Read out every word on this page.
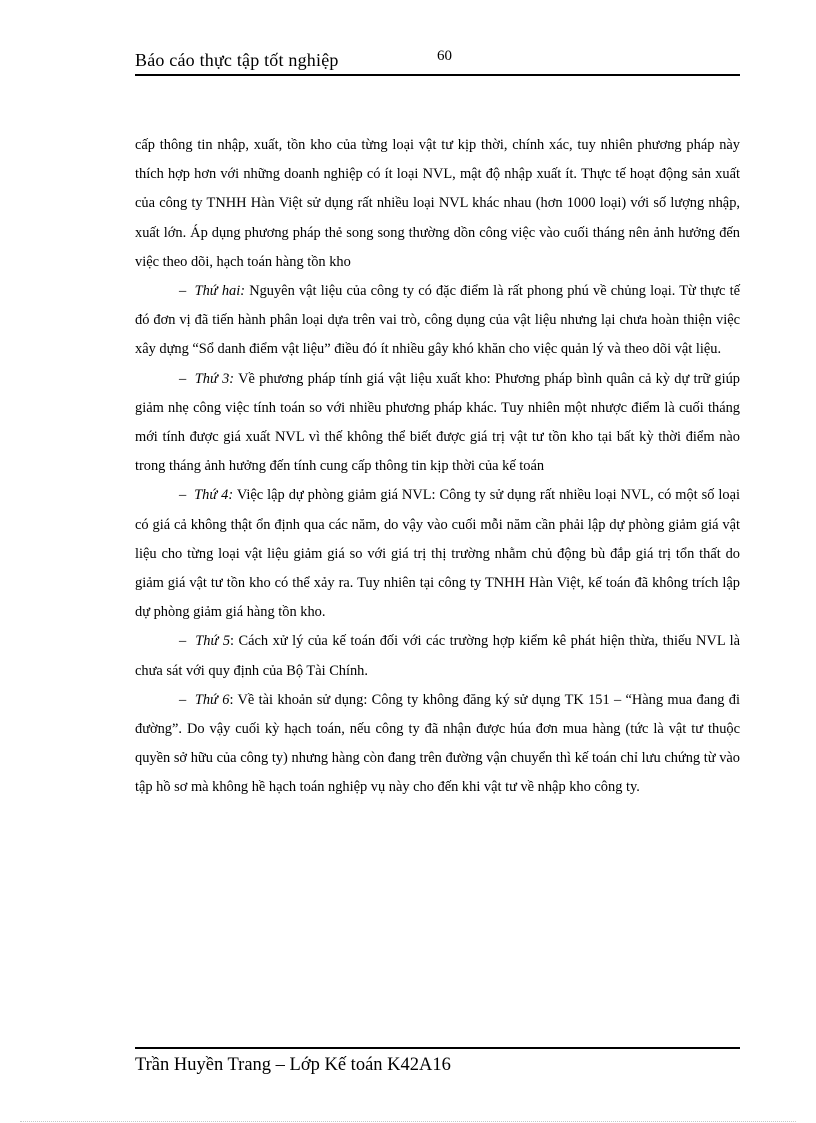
Báo cáo thực tập tốt nghiệp	60

cấp thông tin nhập, xuất, tồn kho của từng loại vật tư kịp thời, chính xác, tuy nhiên phương pháp này thích hợp hơn với những doanh nghiệp có ít loại NVL, mật độ nhập xuất ít. Thực tế hoạt động sản xuất của công ty TNHH Hàn Việt sử dụng rất nhiều loại NVL khác nhau (hơn 1000 loại) với số lượng nhập, xuất lớn. Áp dụng phương pháp thẻ song song thường dồn công việc vào cuối tháng nên ảnh hưởng đến việc theo dõi, hạch toán hàng tồn kho

– Thứ hai: Nguyên vật liệu của công ty có đặc điểm là rất phong phú về chủng loại. Từ thực tế đó đơn vị đã tiến hành phân loại dựa trên vai trò, công dụng của vật liệu nhưng lại chưa hoàn thiện việc xây dựng “Sổ danh điểm vật liệu” điều đó ít nhiều gây khó khăn cho việc quản lý và theo dõi vật liệu.

– Thứ 3: Về phương pháp tính giá vật liệu xuất kho: Phương pháp bình quân cả kỳ dự trữ giúp giảm nhẹ công việc tính toán so với nhiều phương pháp khác. Tuy nhiên một nhược điểm là cuối tháng mới tính được giá xuất NVL vì thế không thể biết được giá trị vật tư tồn kho tại bất kỳ thời điểm nào trong tháng ảnh hưởng đến tính cung cấp thông tin kịp thời của kế toán

– Thứ 4: Việc lập dự phòng giảm giá NVL: Công ty sử dụng rất nhiều loại NVL, có một số loại có giá cả không thật ổn định qua các năm, do vậy vào cuối mỗi năm cần phải lập dự phòng giảm giá vật liệu cho từng loại vật liệu giảm giá so với giá trị thị trường nhằm chủ động bù đắp giá trị tổn thất do giảm giá vật tư tồn kho có thể xảy ra. Tuy nhiên tại công ty TNHH Hàn Việt, kế toán đã không trích lập dự phòng giảm giá hàng tồn kho.

– Thứ 5: Cách xử lý của kế toán đối với các trường hợp kiểm kê phát hiện thừa, thiếu NVL là chưa sát với quy định của Bộ Tài Chính.

– Thứ 6: Về tài khoản sử dụng: Công ty không đăng ký sử dụng TK 151 – “Hàng mua đang đi đường”. Do vậy cuối kỳ hạch toán, nếu công ty đã nhận được húa đơn mua hàng (tức là vật tư thuộc quyền sở hữu của công ty) nhưng hàng còn đang trên đường vận chuyển thì kế toán chỉ lưu chứng từ vào tập hồ sơ mà không hề hạch toán nghiệp vụ này cho đến khi vật tư về nhập kho công ty.

Trần Huyền Trang – Lớp Kế toán K42A16
